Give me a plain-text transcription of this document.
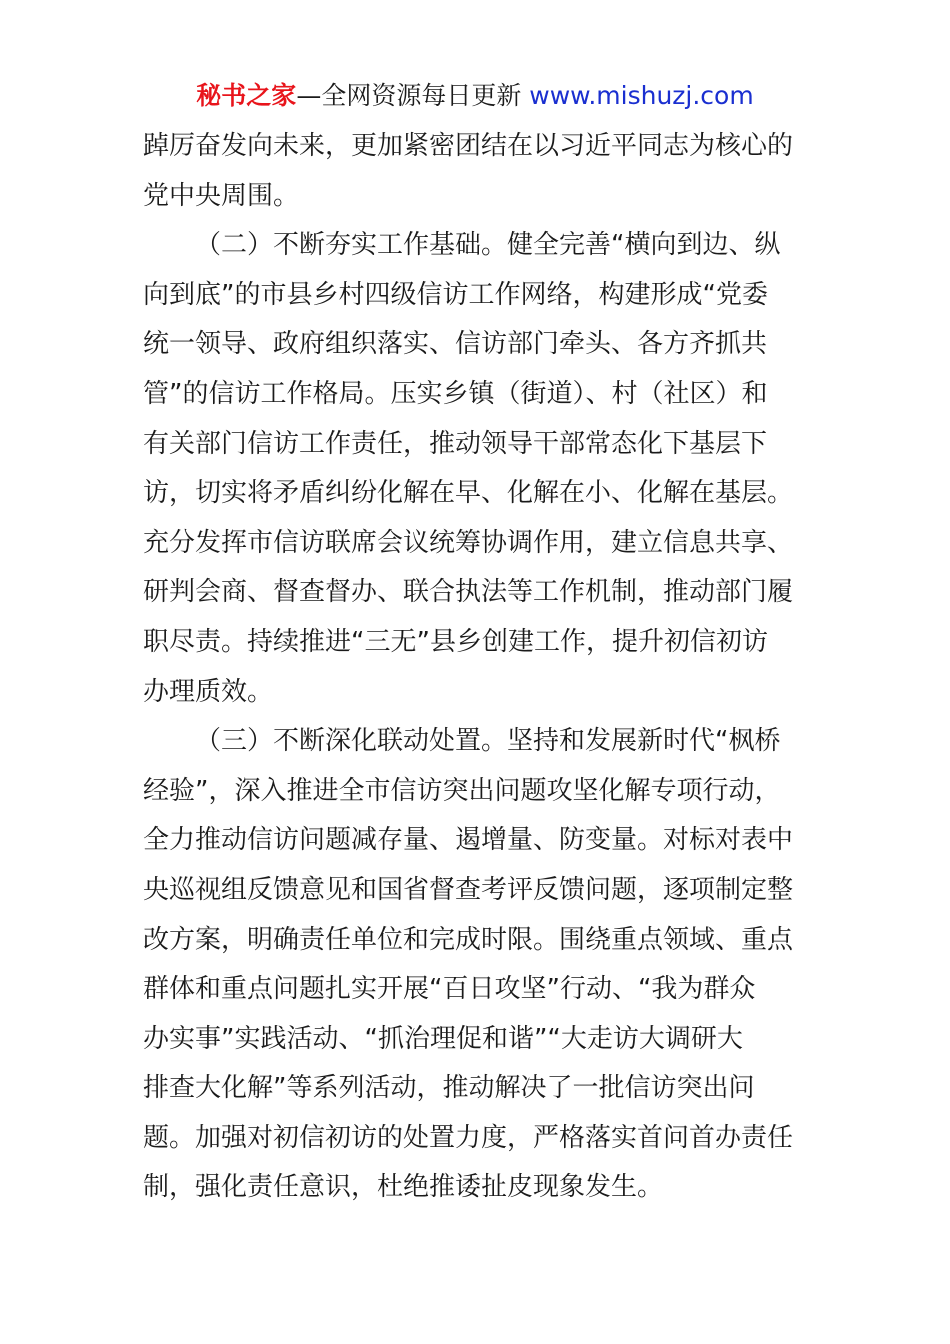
秘书之家—全网资源每日更新 www.mishuzj.com
踔厉奋发向未来，更加紧密团结在以习近平同志为核心的
党中央周围。
（二）不断夯实工作基础。健全完善“横向到边、纵
向到底”的市县乡村四级信访工作网络，构建形成“党委
统一领导、政府组织落实、信访部门牵头、各方齐抓共
管”的信访工作格局。压实乡镇（街道）、村（社区）和
有关部门信访工作责任，推动领导干部常态化下基层下
访，切实将矛盾纠纷化解在早、化解在小、化解在基层。
充分发挥市信访联席会议统筹协调作用，建立信息共享、
研判会商、督查督办、联合执法等工作机制，推动部门履
职尽责。持续推进“三无”县乡创建工作，提升初信初访
办理质效。
（三）不断深化联动处置。坚持和发展新时代“枫桥
经验”，深入推进全市信访突出问题攻坚化解专项行动，
全力推动信访问题减存量、遏增量、防变量。对标对表中
央巡视组反馈意见和国省督查考评反馈问题，逐项制定整
改方案，明确责任单位和完成时限。围绕重点领域、重点
群体和重点问题扎实开展“百日攻坚”行动、“我为群众
办实事”实践活动、“抓治理促和谐”“大走访大调研大
排查大化解”等系列活动，推动解决了一批信访突出问
题。加强对初信初访的处置力度，严格落实首问首办责任
制，强化责任意识，杜绝推诿扯皮现象发生。
